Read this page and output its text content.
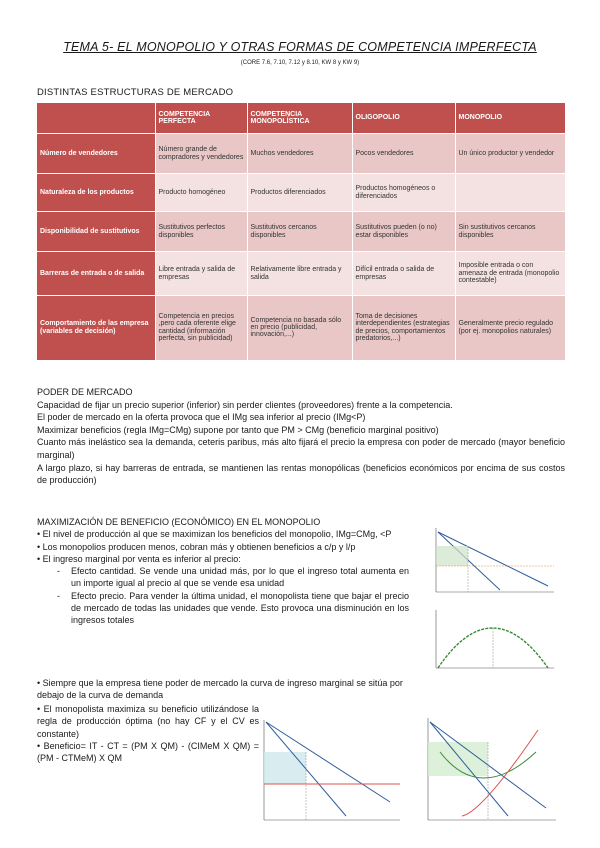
TEMA 5- EL MONOPOLIO Y OTRAS FORMAS DE COMPETENCIA IMPERFECTA
(CORE 7.6, 7.10, 7.12 y 8.10, KW 8 y KW 9)
DISTINTAS ESTRUCTURAS DE MERCADO
	COMPETENCIA PERFECTA	COMPETENCIA MONOPOLÍSTICA	OLIGOPOLIO	MONOPOLIO
Número de vendedores	Número grande de compradores y vendedores	Muchos vendedores	Pocos vendedores	Un único productor y vendedor
Naturaleza de los productos	Producto homogéneo	Productos diferenciados	Productos homogéneos o diferenciados	
Disponibilidad de sustitutivos	Sustitutivos perfectos disponibles	Sustitutivos cercanos disponibles	Sustitutivos pueden (o no) estar disponibles	Sin sustitutivos cercanos disponibles
Barreras de entrada o de salida	Libre entrada y salida de empresas	Relativamente libre entrada y salida	Difícil entrada o salida de empresas	Imposible entrada o con amenaza de entrada (monopolio contestable)
Comportamiento de las empresa (variables de decisión)	Competencia en precios ,pero cada oferente elige cantidad (información perfecta, sin publicidad)	Competencia no basada sólo en precio (publicidad, innovación,...)	Toma de decisiones interdependientes (estrategias de precios, comportamientos predatorios,...)	Generalmente precio regulado (por ej. monopolios naturales)
PODER DE MERCADO
Capacidad de fijar un precio superior (inferior) sin perder clientes (proveedores) frente a la competencia.
El poder de mercado en la oferta provoca que el IMg sea inferior al precio (IMg<P)
Maximizar beneficios (regla IMg=CMg) supone por tanto que PM > CMg (beneficio marginal positivo)
Cuanto más inelástico sea la demanda, ceteris paribus, más alto fijará el precio la empresa con poder de mercado (mayor beneficio marginal)
A largo plazo, si hay barreras de entrada, se mantienen las rentas monopólicas (beneficios económicos por encima de sus costos de producción)
MAXIMIZACIÓN DE BENEFICIO (ECONÓMICO) EN EL MONOPOLIO
• El nivel de producción al que se maximizan los beneficios del monopolio, IMg=CMg, <P
• Los monopolios producen menos, cobran más y obtienen beneficios a c/p y l/p
• El ingreso marginal por venta es inferior al precio:
- Efecto cantidad. Se vende una unidad más, por lo que el ingreso total aumenta en un importe igual al precio al que se vende esa unidad
- Efecto precio. Para vender la última unidad, el monopolista tiene que bajar el precio de mercado de todas las unidades que vende. Esto provoca una disminución en los ingresos totales
• Siempre que la empresa tiene poder de mercado la curva de ingreso marginal se sitúa por debajo de la curva de demanda
• El monopolista maximiza su beneficio utilizándose la regla de producción óptima (no hay CF y el CV es constante)
• Beneficio= IT - CT = (PM X QM) - (CIMeM X QM) = (PM - CTMeM) X QM
